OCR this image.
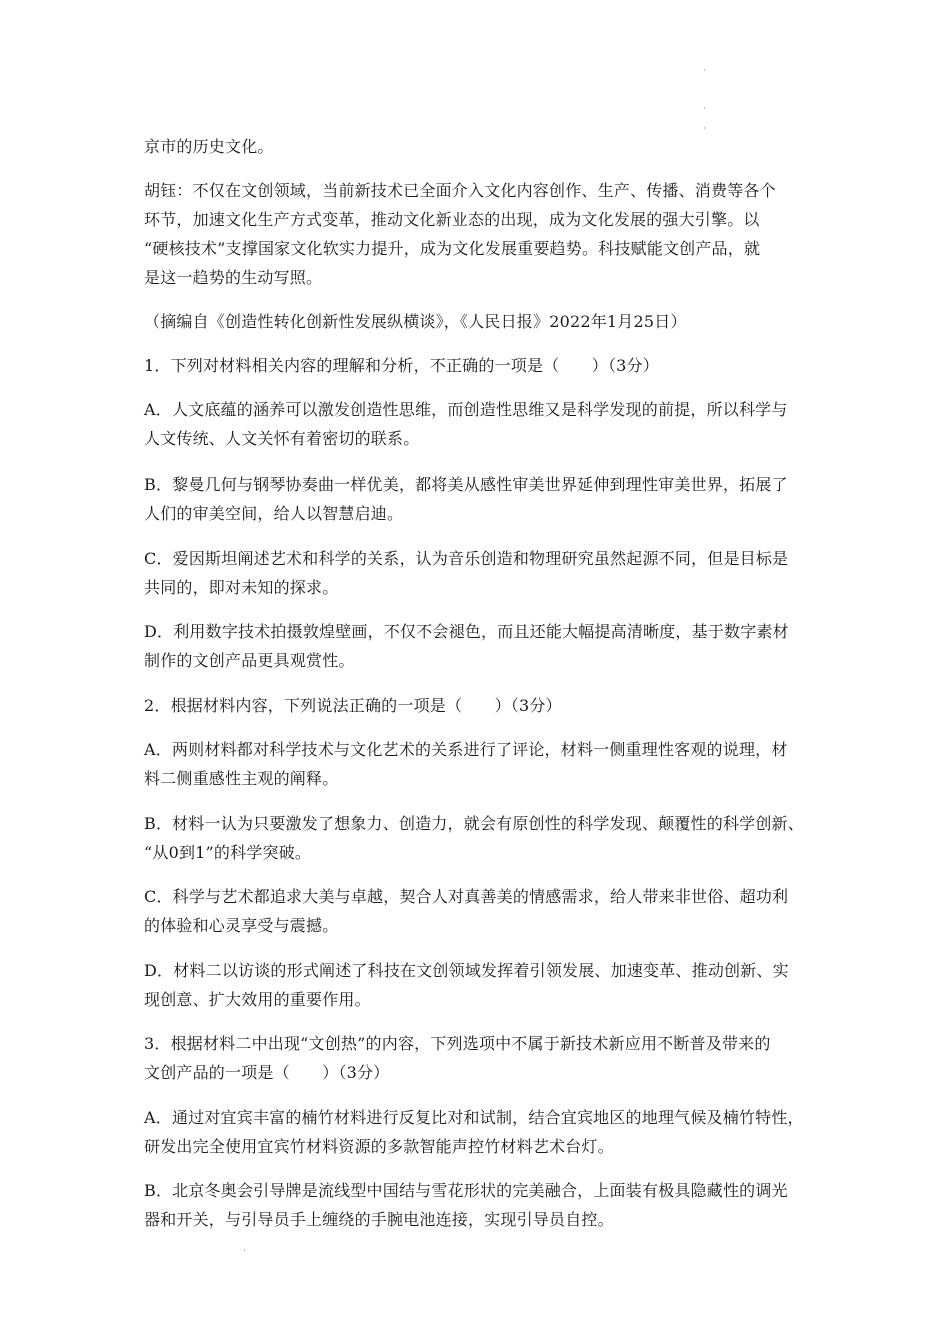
京市的历史文化。
胡钰：不仅在文创领域，当前新技术已全面介入文化内容创作、生产、传播、消费等各个
环节，加速文化生产方式变革，推动文化新业态的出现，成为文化发展的强大引擎。以
“硬核技术”支撑国家文化软实力提升，成为文化发展重要趋势。科技赋能文创产品，就
是这一趋势的生动写照。
（摘编自《创造性转化创新性发展纵横谈》，《人民日报》2022年1月25日）
1．下列对材料相关内容的理解和分析，不正确的一项是（　　）（3分）
A．人文底蕴的涵养可以激发创造性思维，而创造性思维又是科学发现的前提，所以科学与
人文传统、人文关怀有着密切的联系。
B．黎曼几何与钢琴协奏曲一样优美，都将美从感性审美世界延伸到理性审美世界，拓展了
人们的审美空间，给人以智慧启迪。
C．爱因斯坦阐述艺术和科学的关系，认为音乐创造和物理研究虽然起源不同，但是目标是
共同的，即对未知的探求。
D．利用数字技术拍摄敦煌壁画，不仅不会褪色，而且还能大幅提高清晰度，基于数字素材
制作的文创产品更具观赏性。
2．根据材料内容，下列说法正确的一项是（　　）（3分）
A．两则材料都对科学技术与文化艺术的关系进行了评论，材料一侧重理性客观的说理，材
料二侧重感性主观的阐释。
B．材料一认为只要激发了想象力、创造力，就会有原创性的科学发现、颠覆性的科学创新、
“从0到1”的科学突破。
C．科学与艺术都追求大美与卓越，契合人对真善美的情感需求，给人带来非世俗、超功利
的体验和心灵享受与震撼。
D．材料二以访谈的形式阐述了科技在文创领域发挥着引领发展、加速变革、推动创新、实
现创意、扩大效用的重要作用。
3．根据材料二中出现“文创热”的内容，下列选项中不属于新技术新应用不断普及带来的
文创产品的一项是（　　）（3分）
A．通过对宜宾丰富的楠竹材料进行反复比对和试制，结合宜宾地区的地理气候及楠竹特性，
研发出完全使用宜宾竹材料资源的多款智能声控竹材料艺术台灯。
B．北京冬奥会引导牌是流线型中国结与雪花形状的完美融合，上面装有极具隐藏性的调光
器和开关，与引导员手上缠绕的手腕电池连接，实现引导员自控。
